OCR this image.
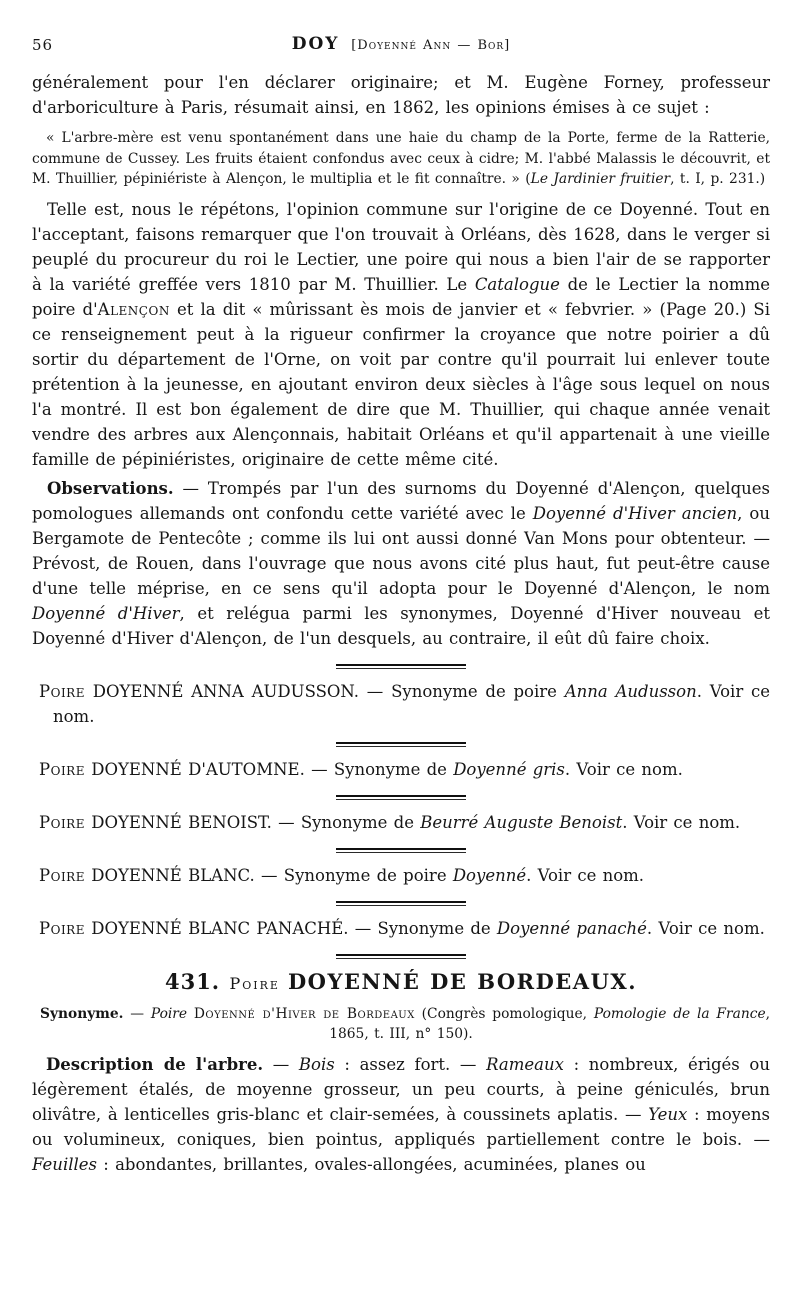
56	DOY [Doyenné Ann — Bor]

généralement pour l'en déclarer originaire; et M. Eugène Forney, professeur d'arboriculture à Paris, résumait ainsi, en 1862, les opinions émises à ce sujet :

« L'arbre-mère est venu spontanément dans une haie du champ de la Porte, ferme de la Ratterie, commune de Cussey. Les fruits étaient confondus avec ceux à cidre; M. l'abbé Malassis le découvrit, et M. Thuillier, pépiniériste à Alençon, le multiplia et le fit connaître. » (Le Jardinier fruitier, t. I, p. 231.)

Telle est, nous le répétons, l'opinion commune sur l'origine de ce Doyenné. Tout en l'acceptant, faisons remarquer que l'on trouvait à Orléans, dès 1628, dans le verger si peuplé du procureur du roi le Lectier, une poire qui nous a bien l'air de se rapporter à la variété greffée vers 1810 par M. Thuillier. Le Catalogue de le Lectier la nomme poire d'Alençon et la dit « mûrissant ès mois de janvier et « febvrier. » (Page 20.) Si ce renseignement peut à la rigueur confirmer la croyance que notre poirier a dû sortir du département de l'Orne, on voit par contre qu'il pourrait lui enlever toute prétention à la jeunesse, en ajoutant environ deux siècles à l'âge sous lequel on nous l'a montré. Il est bon également de dire que M. Thuillier, qui chaque année venait vendre des arbres aux Alençonnais, habitait Orléans et qu'il appartenait à une vieille famille de pépiniéristes, originaire de cette même cité.

Observations. — Trompés par l'un des surnoms du Doyenné d'Alençon, quelques pomologues allemands ont confondu cette variété avec le Doyenné d'Hiver ancien, ou Bergamote de Pentecôte ; comme ils lui ont aussi donné Van Mons pour obtenteur. — Prévost, de Rouen, dans l'ouvrage que nous avons cité plus haut, fut peut-être cause d'une telle méprise, en ce sens qu'il adopta pour le Doyenné d'Alençon, le nom Doyenné d'Hiver, et relégua parmi les synonymes, Doyenné d'Hiver nouveau et Doyenné d'Hiver d'Alençon, de l'un desquels, au contraire, il eût dû faire choix.

Poire DOYENNÉ ANNA AUDUSSON. — Synonyme de poire Anna Audusson. Voir ce nom.

Poire DOYENNÉ D'AUTOMNE. — Synonyme de Doyenné gris. Voir ce nom.

Poire DOYENNÉ BENOIST. — Synonyme de Beurré Auguste Benoist. Voir ce nom.

Poire DOYENNÉ BLANC. — Synonyme de poire Doyenné. Voir ce nom.

Poire DOYENNÉ BLANC PANACHÉ. — Synonyme de Doyenné panaché. Voir ce nom.

431. Poire DOYENNÉ DE BORDEAUX.

Synonyme. — Poire Doyenné d'Hiver de Bordeaux (Congrès pomologique, Pomologie de la France, 1865, t. III, n° 150).

Description de l'arbre. — Bois : assez fort. — Rameaux : nombreux, érigés ou légèrement étalés, de moyenne grosseur, un peu courts, à peine géniculés, brun olivâtre, à lenticelles gris-blanc et clair-semées, à coussinets aplatis. — Yeux : moyens ou volumineux, coniques, bien pointus, appliqués partiellement contre le bois. — Feuilles : abondantes, brillantes, ovales-allongées, acuminées, planes ou
